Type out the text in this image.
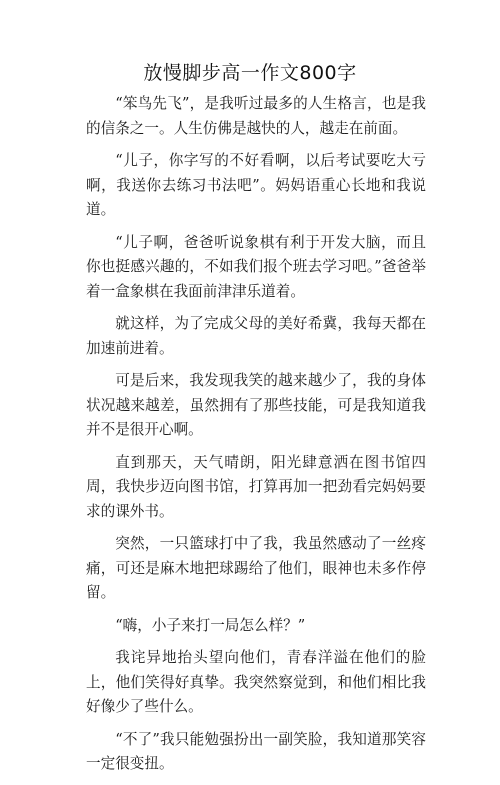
放慢脚步高一作文800字

“笨鸟先飞”，是我听过最多的人生格言，也是我的信条之一。人生仿佛是越快的人，越走在前面。

“儿子，你字写的不好看啊，以后考试要吃大亏啊，我送你去练习书法吧”。妈妈语重心长地和我说道。

“儿子啊，爸爸听说象棋有利于开发大脑，而且你也挺感兴趣的，不如我们报个班去学习吧。”爸爸举着一盒象棋在我面前津津乐道着。

就这样，为了完成父母的美好希冀，我每天都在加速前进着。

可是后来，我发现我笑的越来越少了，我的身体状况越来越差，虽然拥有了那些技能，可是我知道我并不是很开心啊。

直到那天，天气晴朗，阳光肆意洒在图书馆四周，我快步迈向图书馆，打算再加一把劲看完妈妈要求的课外书。

突然，一只篮球打中了我，我虽然感动了一丝疼痛，可还是麻木地把球踢给了他们，眼神也未多作停留。

“嗨，小子来打一局怎么样？”

我诧异地抬头望向他们，青春洋溢在他们的脸上，他们笑得好真挚。我突然察觉到，和他们相比我好像少了些什么。

“不了”我只能勉强扮出一副笑脸，我知道那笑容一定很变扭。
